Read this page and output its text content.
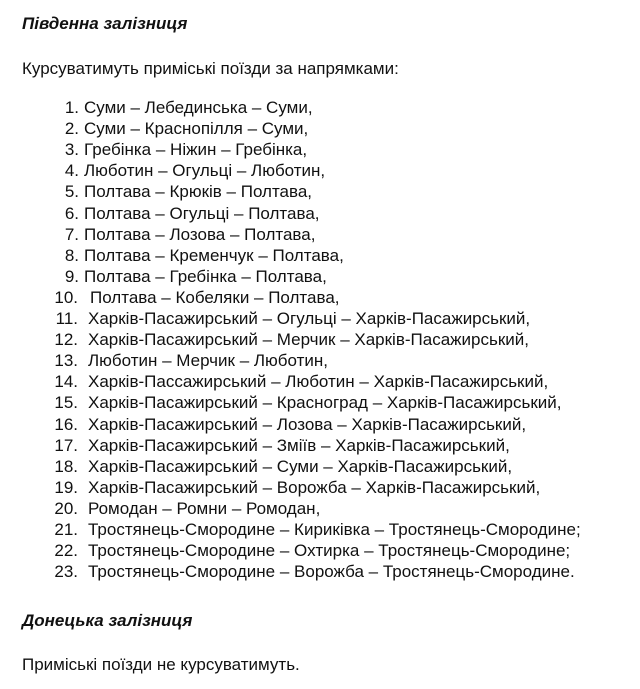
Південна залізниця
Курсуватимуть приміські поїзди за напрямками:
1. Суми – Лебединська – Суми,
2. Суми – Краснопілля – Суми,
3. Гребінка – Ніжин – Гребінка,
4. Люботин – Огульці – Люботин,
5. Полтава – Крюків – Полтава,
6. Полтава – Огульці – Полтава,
7. Полтава – Лозова – Полтава,
8. Полтава – Кременчук – Полтава,
9. Полтава – Гребінка – Полтава,
10. Полтава – Кобеляки – Полтава,
11. Харків-Пасажирський – Огульці – Харків-Пасажирський,
12. Харків-Пасажирський – Мерчик – Харків-Пасажирський,
13. Люботин – Мерчик – Люботин,
14. Харків-Пассажирський – Люботин – Харків-Пасажирський,
15. Харків-Пасажирський – Красноград – Харків-Пасажирський,
16. Харків-Пасажирський – Лозова – Харків-Пасажирський,
17. Харків-Пасажирський – Зміїв – Харків-Пасажирський,
18. Харків-Пасажирський – Суми – Харків-Пасажирський,
19. Харків-Пасажирський – Ворожба – Харків-Пасажирський,
20. Ромодан – Ромни – Ромодан,
21. Тростянець-Смородине – Кириківка – Тростянець-Смородине;
22. Тростянець-Смородине – Охтирка – Тростянець-Смородине;
23. Тростянець-Смородине – Ворожба – Тростянець-Смородине.
Донецька залізниця
Приміські поїзди не курсуватимуть.
